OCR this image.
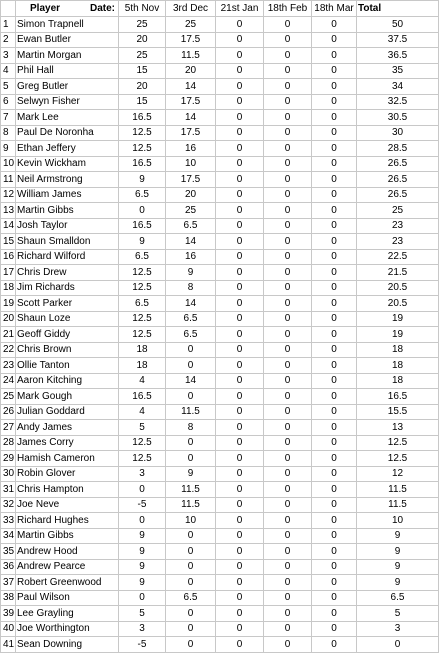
	Player Date:	5th Nov	3rd Dec	21st Jan	18th Feb	18th Mar	Total
1	Simon Trapnell	25	25	0	0	0	50
2	Ewan Butler	20	17.5	0	0	0	37.5
3	Martin Morgan	25	11.5	0	0	0	36.5
4	Phil Hall	15	20	0	0	0	35
5	Greg Butler	20	14	0	0	0	34
6	Selwyn Fisher	15	17.5	0	0	0	32.5
7	Mark Lee	16.5	14	0	0	0	30.5
8	Paul De Noronha	12.5	17.5	0	0	0	30
9	Ethan Jeffery	12.5	16	0	0	0	28.5
10	Kevin Wickham	16.5	10	0	0	0	26.5
11	Neil Armstrong	9	17.5	0	0	0	26.5
12	William James	6.5	20	0	0	0	26.5
13	Martin Gibbs	0	25	0	0	0	25
14	Josh Taylor	16.5	6.5	0	0	0	23
15	Shaun Smalldon	9	14	0	0	0	23
16	Richard Wilford	6.5	16	0	0	0	22.5
17	Chris Drew	12.5	9	0	0	0	21.5
18	Jim Richards	12.5	8	0	0	0	20.5
19	Scott Parker	6.5	14	0	0	0	20.5
20	Shaun Loze	12.5	6.5	0	0	0	19
21	Geoff Giddy	12.5	6.5	0	0	0	19
22	Chris Brown	18	0	0	0	0	18
23	Ollie Tanton	18	0	0	0	0	18
24	Aaron Kitching	4	14	0	0	0	18
25	Mark Gough	16.5	0	0	0	0	16.5
26	Julian Goddard	4	11.5	0	0	0	15.5
27	Andy James	5	8	0	0	0	13
28	James Corry	12.5	0	0	0	0	12.5
29	Hamish Cameron	12.5	0	0	0	0	12.5
30	Robin Glover	3	9	0	0	0	12
31	Chris Hampton	0	11.5	0	0	0	11.5
32	Joe Neve	-5	11.5	0	0	0	11.5
33	Richard Hughes	0	10	0	0	0	10
34	Martin Gibbs	9	0	0	0	0	9
35	Andrew Hood	9	0	0	0	0	9
36	Andrew Pearce	9	0	0	0	0	9
37	Robert Greenwood	9	0	0	0	0	9
38	Paul Wilson	0	6.5	0	0	0	6.5
39	Lee Grayling	5	0	0	0	0	5
40	Joe Worthington	3	0	0	0	0	3
41	Sean Downing	-5	0	0	0	0	0
